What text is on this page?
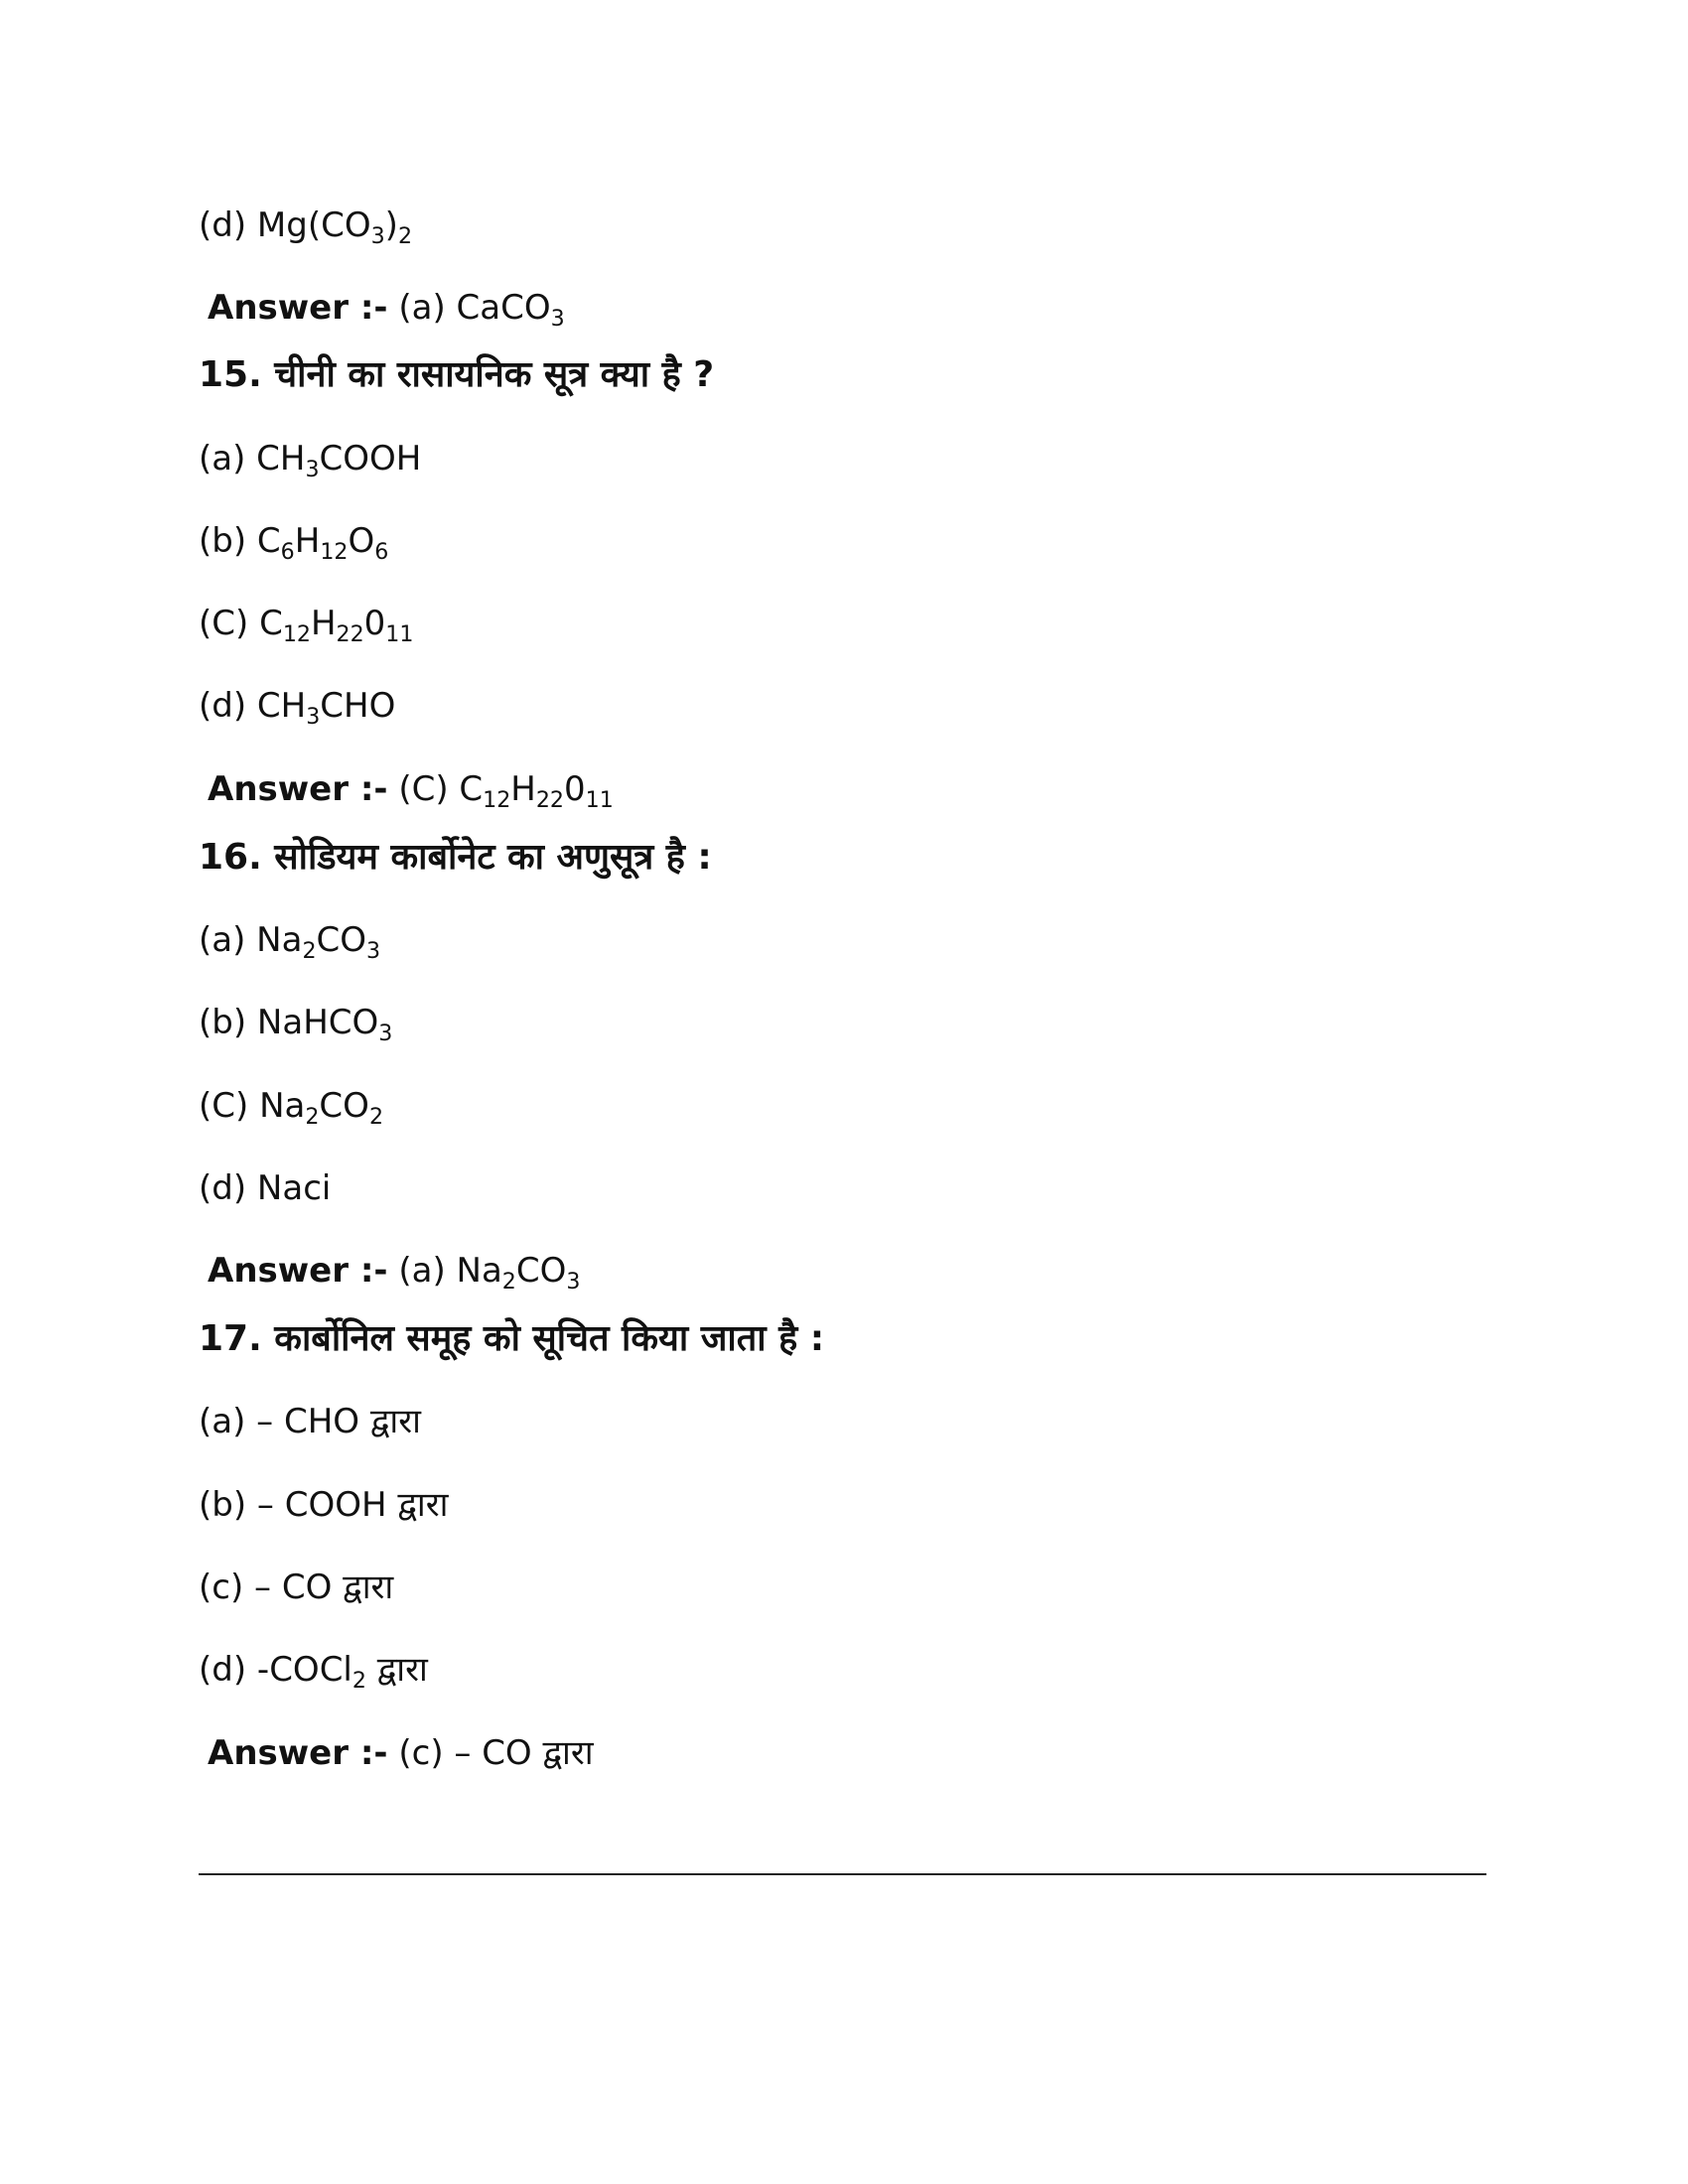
(d) $Mg(CO_3)_2$
Answer :- (a) CaCO$_3$
15. चीनी का रासायनिक सूत्र क्या है ?
(a) $CH_3COOH$
(b) $C_6H_{12}O_6$
(C) $C_{12}H_{22}0_{11}$
(d) $CH_3CHO$
Answer :- (C) $C_{12}H_{22}0_{11}$
16. सोडियम कार्बोनेट का अणुसूत्र है :
(a) $Na_2CO_3$
(b) NaHCO$_3$
(C) $Na_2CO_2$
(d) Naci
Answer :- (a) $Na_2CO_3$
17. कार्बोनिल समूह को सूचित किया जाता है :
(a) – CHO द्वारा
(b) – COOH द्वारा
(c) – CO द्वारा
(d) -COCl$_2$ द्वारा
Answer :- (c) – CO द्वारा
